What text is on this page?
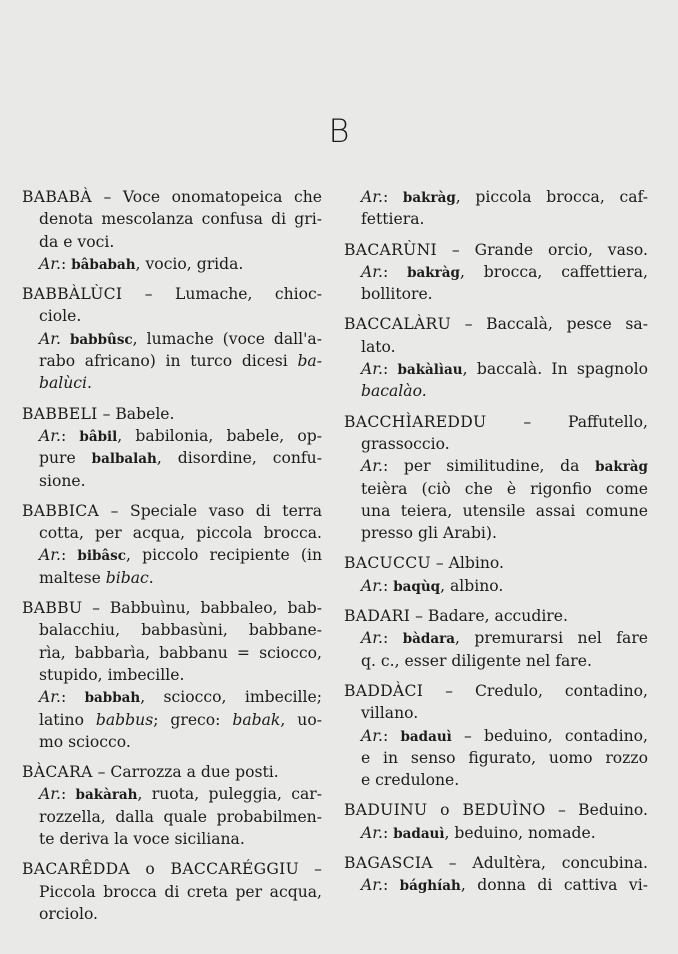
B
BABABÀ – Voce onomatopeica che
denota mescolanza confusa di gri-
da e voci.
Ar.: bâbabah, vocio, grida.
BABBÀLÙCI – Lumache, chioc-
ciole.
Ar. babbûsc, lumache (voce dall'a-
rabo africano) in turco dicesi ba-
balùci.
BABBELI – Babele.
Ar.: bâbil, babilonia, babele, op-
pure balbalah, disordine, confu-
sione.
BABBICA – Speciale vaso di terra
cotta, per acqua, piccola brocca.
Ar.: bibâsc, piccolo recipiente (in
maltese bibac.
BABBU – Babbuìnu, babbaleo, bab-
balacchiu, babbasùni, babbane-
rìa, babbarìa, babbanu = sciocco,
stupido, imbecille.
Ar.: babbah, sciocco, imbecille;
latino babbus; greco: babak, uo-
mo sciocco.
BÀCARA – Carrozza a due posti.
Ar.: bakàrah, ruota, puleggia, car-
rozzella, dalla quale probabilmen-
te deriva la voce siciliana.
BACARÊDDA o BACCARÉGGIU –
Piccola brocca di creta per acqua,
orciolo.
Ar.: bakràg, piccola brocca, caf-
fettiera.
BACARÙNI – Grande orcio, vaso.
Ar.: bakràg, brocca, caffettiera,
bollitore.
BACCALÀRU – Baccalà, pesce sa-
lato.
Ar.: bakàlìau, baccalà. In spagnolo
bacalào.
BACCHÌAREDDU – Paffutello,
grassoccio.
Ar.: per similitudine, da bakràg
teièra (ciò che è rigonfio come
una teiera, utensile assai comune
presso gli Arabi).
BACUCCU – Albino.
Ar.: baqùq, albino.
BADARI – Badare, accudire.
Ar.: bàdara, premurarsi nel fare
q. c., esser diligente nel fare.
BADDÀCI – Credulo, contadino,
villano.
Ar.: badauì – beduino, contadino,
e in senso figurato, uomo rozzo
e credulone.
BADUINU o BEDUÌNO – Beduino.
Ar.: badauì, beduino, nomade.
BAGASCIA – Adultèra, concubina.
Ar.: bághíah, donna di cattiva vi-
